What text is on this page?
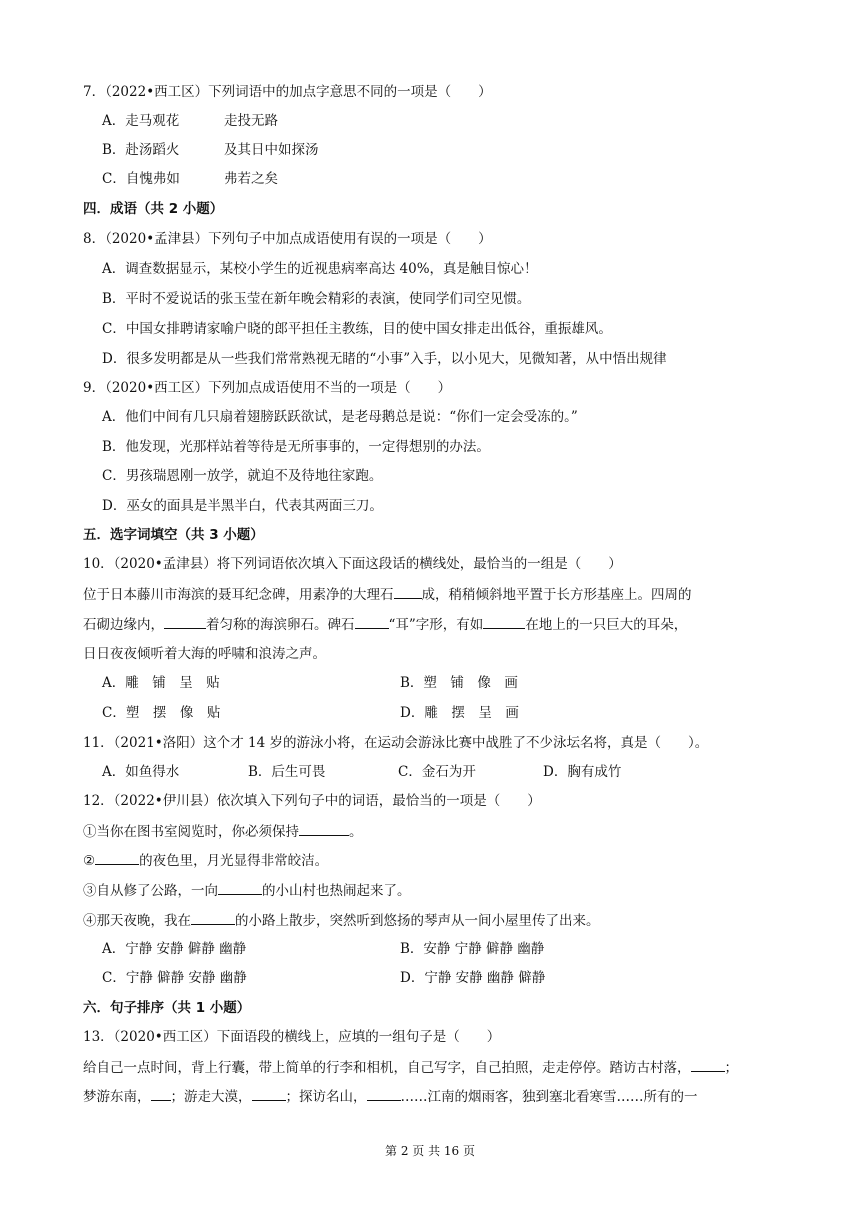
7．（2022•西工区）下列词语中的加点字意思不同的一项是（　　）
A．走马观花	走投无路
B．赴汤蹈火	及其日中如探汤
C．自愧弗如	弗若之矣
四．成语（共 2 小题）
8．（2020•孟津县）下列句子中加点成语使用有误的一项是（　　）
A．调查数据显示，某校小学生的近视患病率高达 40%，真是触目惊心！
B．平时不爱说话的张玉莹在新年晚会精彩的表演，使同学们司空见惯。
C．中国女排聘请家喻户晓的郎平担任主教练，目的使中国女排走出低谷，重振雄风。
D．很多发明都是从一些我们常常熟视无睹的“小事”入手，以小见大，见微知著，从中悟出规律
9．（2020•西工区）下列加点成语使用不当的一项是（　　）
A．他们中间有几只扇着翅膀跃跃欲试，是老母鹅总是说：“你们一定会受冻的。”
B．他发现，光那样站着等待是无所事事的，一定得想别的办法。
C．男孩瑞恩刚一放学，就迫不及待地往家跑。
D．巫女的面具是半黑半白，代表其两面三刀。
五．选字词填空（共 3 小题）
10．（2020•孟津县）将下列词语依次填入下面这段话的横线处，最恰当的一组是（　　）
位于日本藤川市海滨的聂耳纪念碑，用素净的大理石 成，稍稍倾斜地平置于长方形基座上。四周的
石砌边缘内，	着匀称的海滨卵石。碑石	“耳”字形，有如	在地上的一只巨大的耳朵，
日日夜夜倾听着大海的呼啸和浪涛之声。
A．雕　铺　呈　贴	B．塑　铺　像　画
C．塑　摆　像　贴	D．雕　摆　呈　画
11．（2021•洛阳）这个才 14 岁的游泳小将，在运动会游泳比赛中战胜了不少泳坛名将，真是（　　）。
A．如鱼得水	B．后生可畏	C．金石为开	D．胸有成竹
12．（2022•伊川县）依次填入下列句子中的词语，最恰当的一项是（　　）
①当你在图书室阅览时，你必须保持	。
②	的夜色里，月光显得非常皎洁。
③自从修了公路，一向	的小山村也热闹起来了。
④那天夜晚，我在	的小路上散步，突然听到悠扬的琴声从一间小屋里传了出来。
A．宁静 安静 僻静 幽静	B．安静 宁静 僻静 幽静
C．宁静 僻静 安静 幽静	D．宁静 安静 幽静 僻静
六．句子排序（共 1 小题）
13．（2020•西工区）下面语段的横线上，应填的一组句子是（　　）
给自己一点时间，背上行囊，带上简单的行李和相机，自己写字，自己拍照，走走停停。踏访古村落，	；
梦游东南， ；游走大漠，	；探访名山，	……江南的烟雨客，独到塞北看寒雪……所有的一
第 2 页 共 16 页
